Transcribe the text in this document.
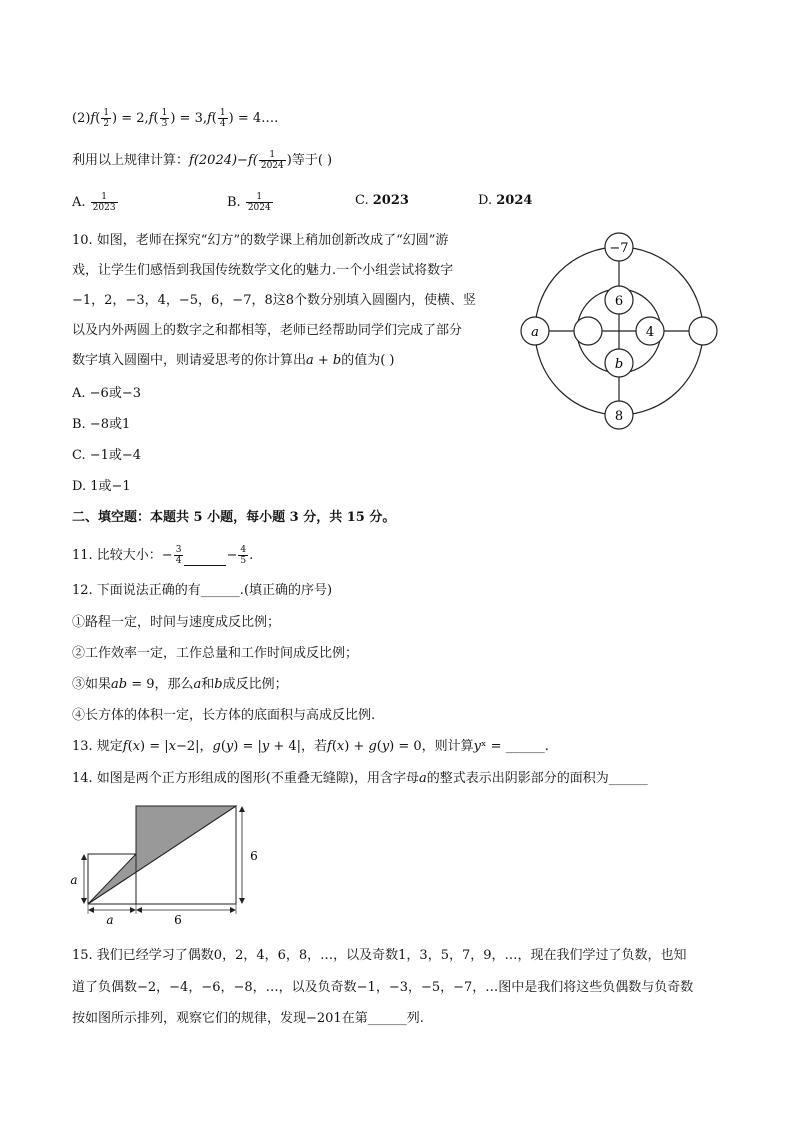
$(2)f( \frac{1}{2}$ ) = $2,f( \frac{1}{3}$ ) = $3,f( \frac{1}{4}$ ) = 4….
利用以上规律计算：$f(2024)-f( \frac{1}{2024}$ )等于( )
A. $\frac{1}{2023}$	B. $\frac{1}{2024}$	C. 2023	D. 2024
10. 如图，老师在探究“幻方”的数学课上稍加创新改成了“幻圆”游
戏，让学生们感悟到我国传统数学文化的魅力.一个小组尝试将数字
−1，2，−3，4，−5，6，−7，8这8个数分别填入圆圈内，使横、竖
以及内外两圆上的数字之和都相等，老师已经帮助同学们完成了部分
数字填入圆圈中，则请爱思考的你计算出𝑎 + 𝑏的值为( )
A. −6或−3
B. −8或1
C. −1或−4
D. 1或−1
−7
6
4
b
a
8
二、填空题：本题共 5 小题，每小题 3 分，共 15 分。
11. 比较大小：− $\frac{3}{4}$	− $\frac{4}{5}$ .
12. 下面说法正确的有______.(填正确的序号)
①路程一定，时间与速度成反比例；
②工作效率一定，工作总量和工作时间成反比例；
③如果𝑎𝑏 = 9，那么𝑎和𝑏成反比例；
④长方体的体积一定，长方体的底面积与高成反比例.
13. 规定𝑓(𝑥) = |𝑥−2|，𝑔(𝑦) = |𝑦 + 4|，若𝑓(𝑥) + 𝑔(𝑦) = 0，则计算𝑦ˣ = ______.
14. 如图是两个正方形组成的图形(不重叠无缝隙)，用含字母𝑎的整式表示出阴影部分的面积为______
a
6
a	6
15. 我们已经学习了偶数0，2，4，6，8，…，以及奇数1，3，5，7，9，…，现在我们学过了负数，也知
道了负偶数−2，−4，−6，−8，…，以及负奇数−1，−3，−5，−7，…图中是我们将这些负偶数与负奇数
按如图所示排列，观察它们的规律，发现−201在第______列.
